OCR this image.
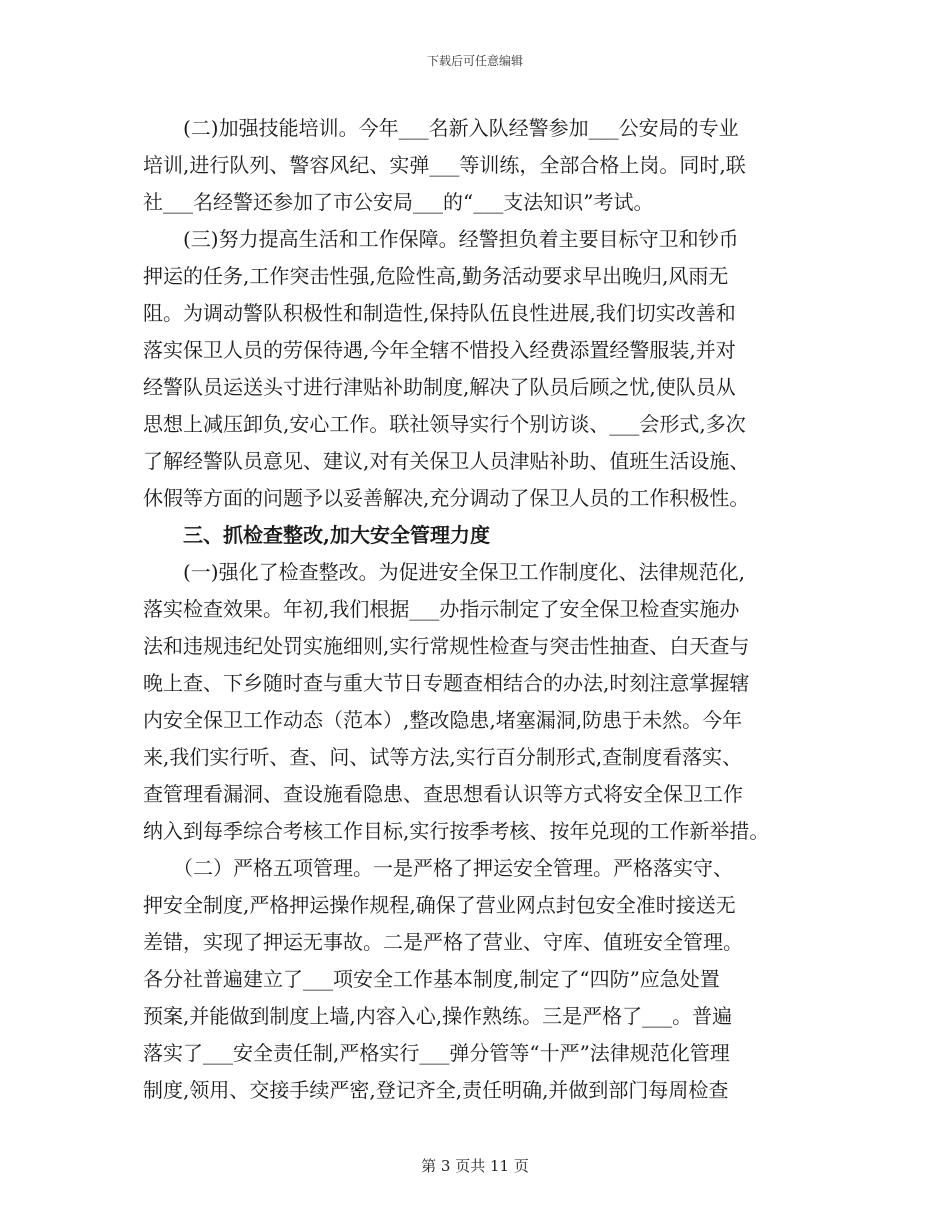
下载后可任意编辑
　　(二)加强技能培训。今年___名新入队经警参加___公安局的专业
培训,进行队列、警容风纪、实弹___等训练，全部合格上岗。同时,联
社___名经警还参加了市公安局___的“___支法知识”考试。
　　(三)努力提高生活和工作保障。经警担负着主要目标守卫和钞币
押运的任务,工作突击性强,危险性高,勤务活动要求早出晚归,风雨无
阻。为调动警队积极性和制造性,保持队伍良性进展,我们切实改善和
落实保卫人员的劳保待遇,今年全辖不惜投入经费添置经警服装,并对
经警队员运送头寸进行津贴补助制度,解决了队员后顾之忧,使队员从
思想上减压卸负,安心工作。联社领导实行个别访谈、___会形式,多次
了解经警队员意见、建议,对有关保卫人员津贴补助、值班生活设施、
休假等方面的问题予以妥善解决,充分调动了保卫人员的工作积极性。
　　三、抓检查整改,加大安全管理力度
　　(一)强化了检查整改。为促进安全保卫工作制度化、法律规范化,
落实检查效果。年初,我们根据___办指示制定了安全保卫检查实施办
法和违规违纪处罚实施细则,实行常规性检查与突击性抽查、白天查与
晚上查、下乡随时查与重大节日专题查相结合的办法,时刻注意掌握辖
内安全保卫工作动态（范本）,整改隐患,堵塞漏洞,防患于未然。今年
来,我们实行听、查、问、试等方法,实行百分制形式,查制度看落实、
查管理看漏洞、查设施看隐患、查思想看认识等方式将安全保卫工作
纳入到每季综合考核工作目标,实行按季考核、按年兑现的工作新举措。
　　（二）严格五项管理。一是严格了押运安全管理。严格落实守、
押安全制度,严格押运操作规程,确保了营业网点封包安全准时接送无
差错，实现了押运无事故。二是严格了营业、守库、值班安全管理。
各分社普遍建立了___项安全工作基本制度,制定了“四防”应急处置
预案,并能做到制度上墙,内容入心,操作熟练。三是严格了___。普遍
落实了___安全责任制,严格实行___弹分管等“十严”法律规范化管理
制度,领用、交接手续严密,登记齐全,责任明确,并做到部门每周检查
第 3 页共 11 页
